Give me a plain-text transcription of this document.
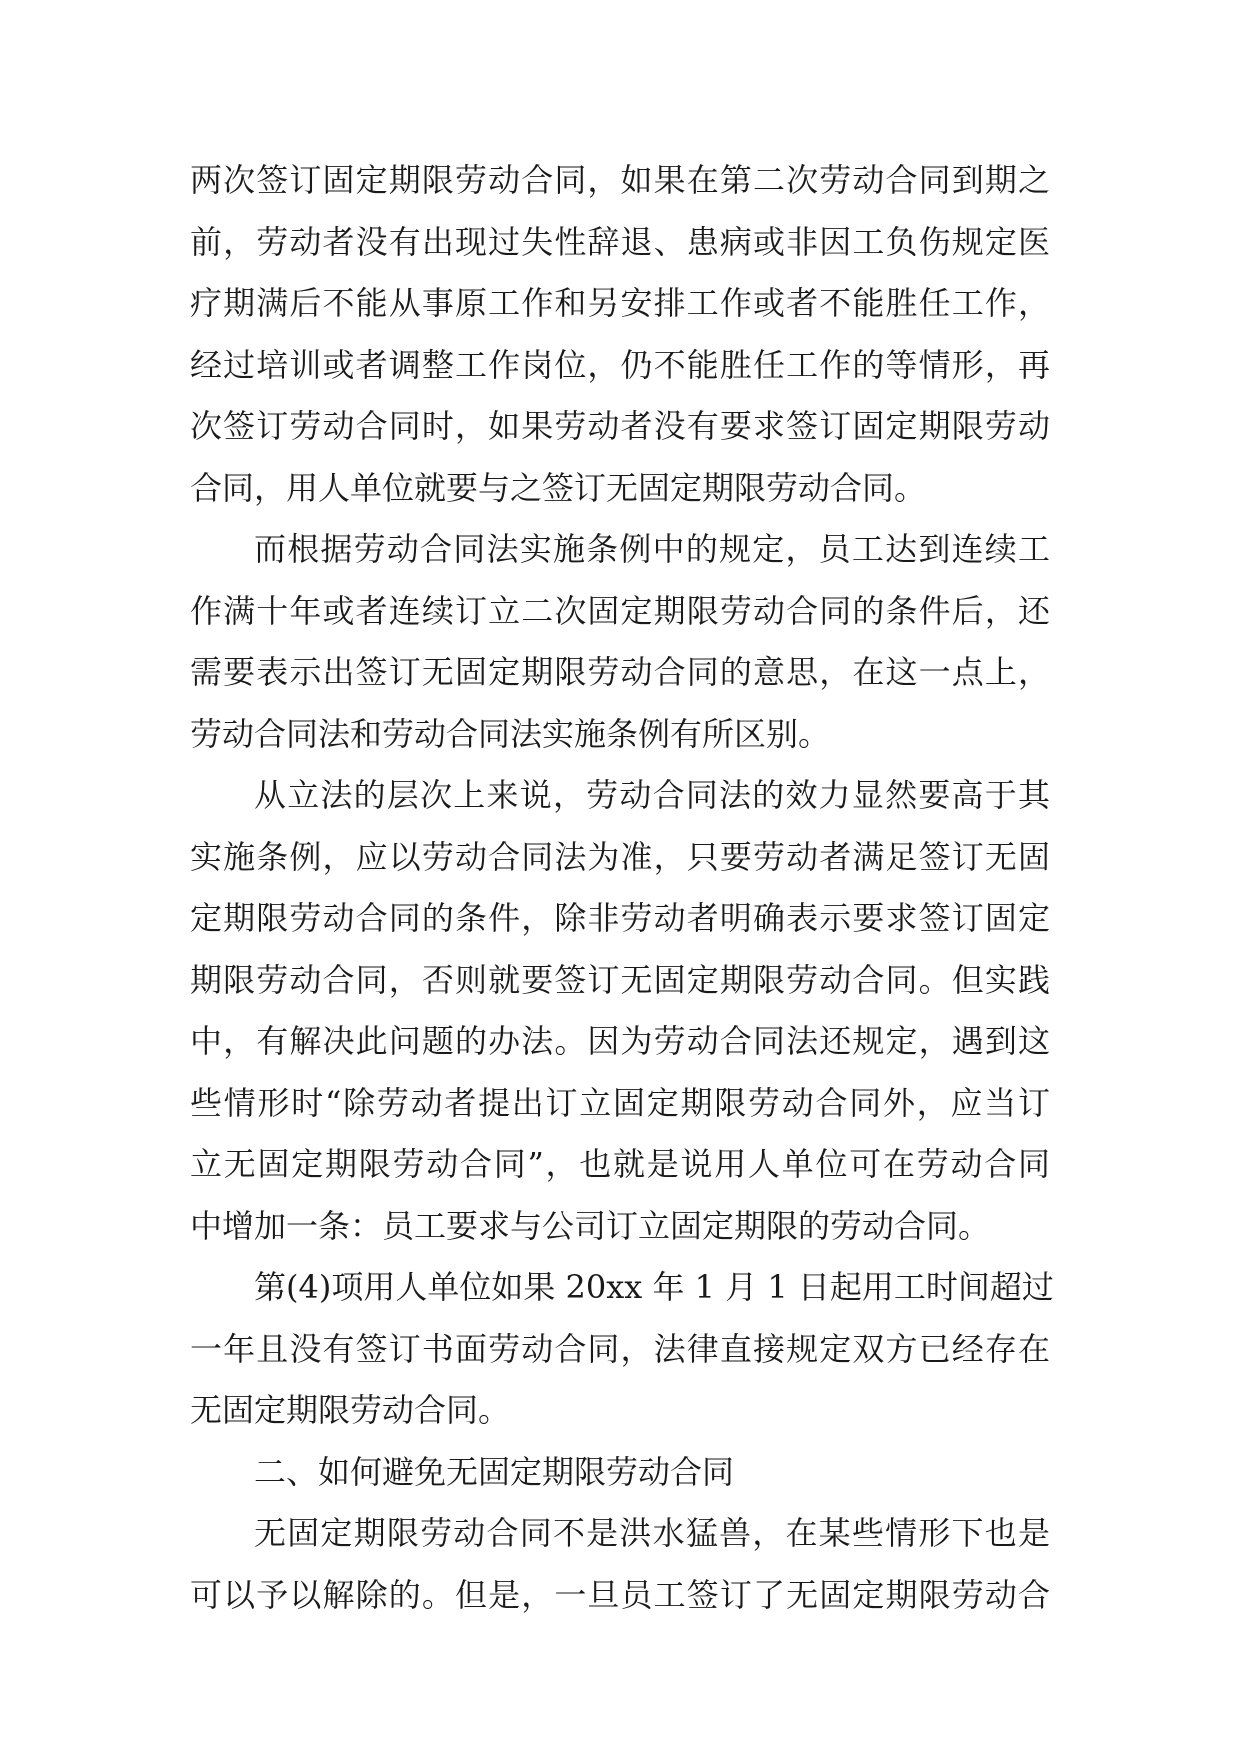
两次签订固定期限劳动合同，如果在第二次劳动合同到期之
前，劳动者没有出现过失性辞退、患病或非因工负伤规定医
疗期满后不能从事原工作和另安排工作或者不能胜任工作，
经过培训或者调整工作岗位，仍不能胜任工作的等情形，再
次签订劳动合同时，如果劳动者没有要求签订固定期限劳动
合同，用人单位就要与之签订无固定期限劳动合同。

而根据劳动合同法实施条例中的规定，员工达到连续工
作满十年或者连续订立二次固定期限劳动合同的条件后，还
需要表示出签订无固定期限劳动合同的意思，在这一点上，
劳动合同法和劳动合同法实施条例有所区别。

从立法的层次上来说，劳动合同法的效力显然要高于其
实施条例，应以劳动合同法为准，只要劳动者满足签订无固
定期限劳动合同的条件，除非劳动者明确表示要求签订固定
期限劳动合同，否则就要签订无固定期限劳动合同。但实践
中，有解决此问题的办法。因为劳动合同法还规定，遇到这
些情形时“除劳动者提出订立固定期限劳动合同外，应当订
立无固定期限劳动合同”，也就是说用人单位可在劳动合同
中增加一条：员工要求与公司订立固定期限的劳动合同。

第(4)项用人单位如果 20xx 年 1 月 1 日起用工时间超过
一年且没有签订书面劳动合同，法律直接规定双方已经存在
无固定期限劳动合同。

二、如何避免无固定期限劳动合同

无固定期限劳动合同不是洪水猛兽，在某些情形下也是
可以予以解除的。但是，一旦员工签订了无固定期限劳动合
